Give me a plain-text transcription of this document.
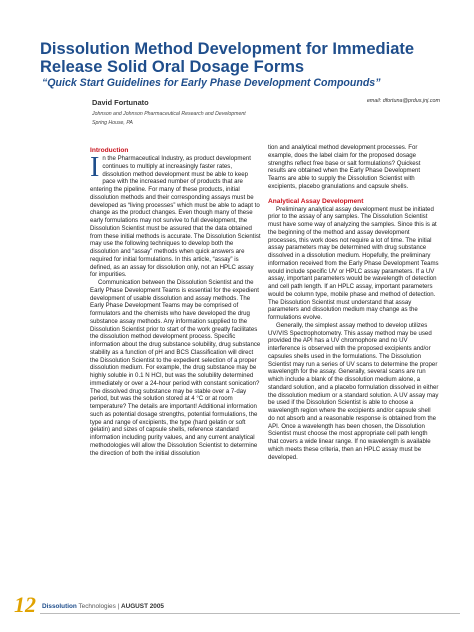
Dissolution Method Development for Immediate Release Solid Oral Dosage Forms
“Quick Start Guidelines for Early Phase Development Compounds”
David Fortunato	email: dfortuna@prdus.jnj.com
Johnson and Johnson Pharmaceutical Research and Development
Spring House, PA
Introduction

In the Pharmaceutical Industry, as product development continues to multiply at increasingly faster rates, dissolution method development must be able to keep pace with the increased number of products that are entering the pipeline. For many of these products, initial dissolution methods and their corresponding assays must be developed as “living processes” which must be able to adapt to change as the product changes. Even though many of these early formulations may not survive to full development, the Dissolution Scientist must be assured that the data obtained from these initial methods is accurate. The Dissolution Scientist may use the following techniques to develop both the dissolution and “assay” methods when quick answers are required for initial formulations. In this article, “assay” is defined, as an assay for dissolution only, not an HPLC assay for impurities.

Communication between the Dissolution Scientist and the Early Phase Development Teams is essential for the expedient development of usable dissolution and assay methods. The Early Phase Development Teams may be comprised of formulators and the chemists who have developed the drug substance assay methods. Any information supplied to the Dissolution Scientist prior to start of the work greatly facilitates the dissolution method development process. Specific information about the drug substance solubility, drug substance stability as a function of pH and BCS Classification will direct the Dissolution Scientist to the expedient selection of a proper dissolution medium. For example, the drug substance may be highly soluble in 0.1 N HCl, but was the solubility determined immediately or over a 24-hour period with constant sonication? The dissolved drug substance may be stable over a 7-day period, but was the solution stored at 4 °C or at room temperature? The details are important! Additional information such as potential dosage strengths, potential formulations, the type and range of excipients, the type (hard gelatin or soft gelatin) and sizes of capsule shells, reference standard information including purity values, and any current analytical methodologies will allow the Dissolution Scientist to determine the direction of both the initial dissolution

tion and analytical method development processes. For example, does the label claim for the proposed dosage strengths reflect free base or salt formulations? Quickest results are obtained when the Early Phase Development Teams are able to supply the Dissolution Scientist with excipients, placebo granulations and capsule shells.

Analytical Assay Development

Preliminary analytical assay development must be initiated prior to the assay of any samples. The Dissolution Scientist must have some way of analyzing the samples. Since this is at the beginning of the method and assay development processes, this work does not require a lot of time. The initial assay parameters may be determined with drug substance dissolved in a dissolution medium. Hopefully, the preliminary information received from the Early Phase Development Teams would include specific UV or HPLC assay parameters. If a UV assay, important parameters would be wavelength of detection and cell path length. If an HPLC assay, important parameters would be column type, mobile phase and method of detection. The Dissolution Scientist must understand that assay parameters and dissolution medium may change as the formulations evolve.

Generally, the simplest assay method to develop utilizes UV/VIS Spectrophotometry. This assay method may be used provided the API has a UV chromophore and no UV interference is observed with the proposed excipients and/or capsules shells used in the formulations. The Dissolution Scientist may run a series of UV scans to determine the proper wavelength for the assay. Generally, several scans are run which include a blank of the dissolution medium alone, a standard solution, and a placebo formulation dissolved in either the dissolution medium or a standard solution. A UV assay may be used if the Dissolution Scientist is able to choose a wavelength region where the excipients and/or capsule shell do not absorb and a reasonable response is obtained from the API. Once a wavelength has been chosen, the Dissolution Scientist must choose the most appropriate cell path length that covers a wide linear range. If no wavelength is available which meets these criteria, then an HPLC assay must be developed.

12 Dissolution Technologies | AUGUST 2005
